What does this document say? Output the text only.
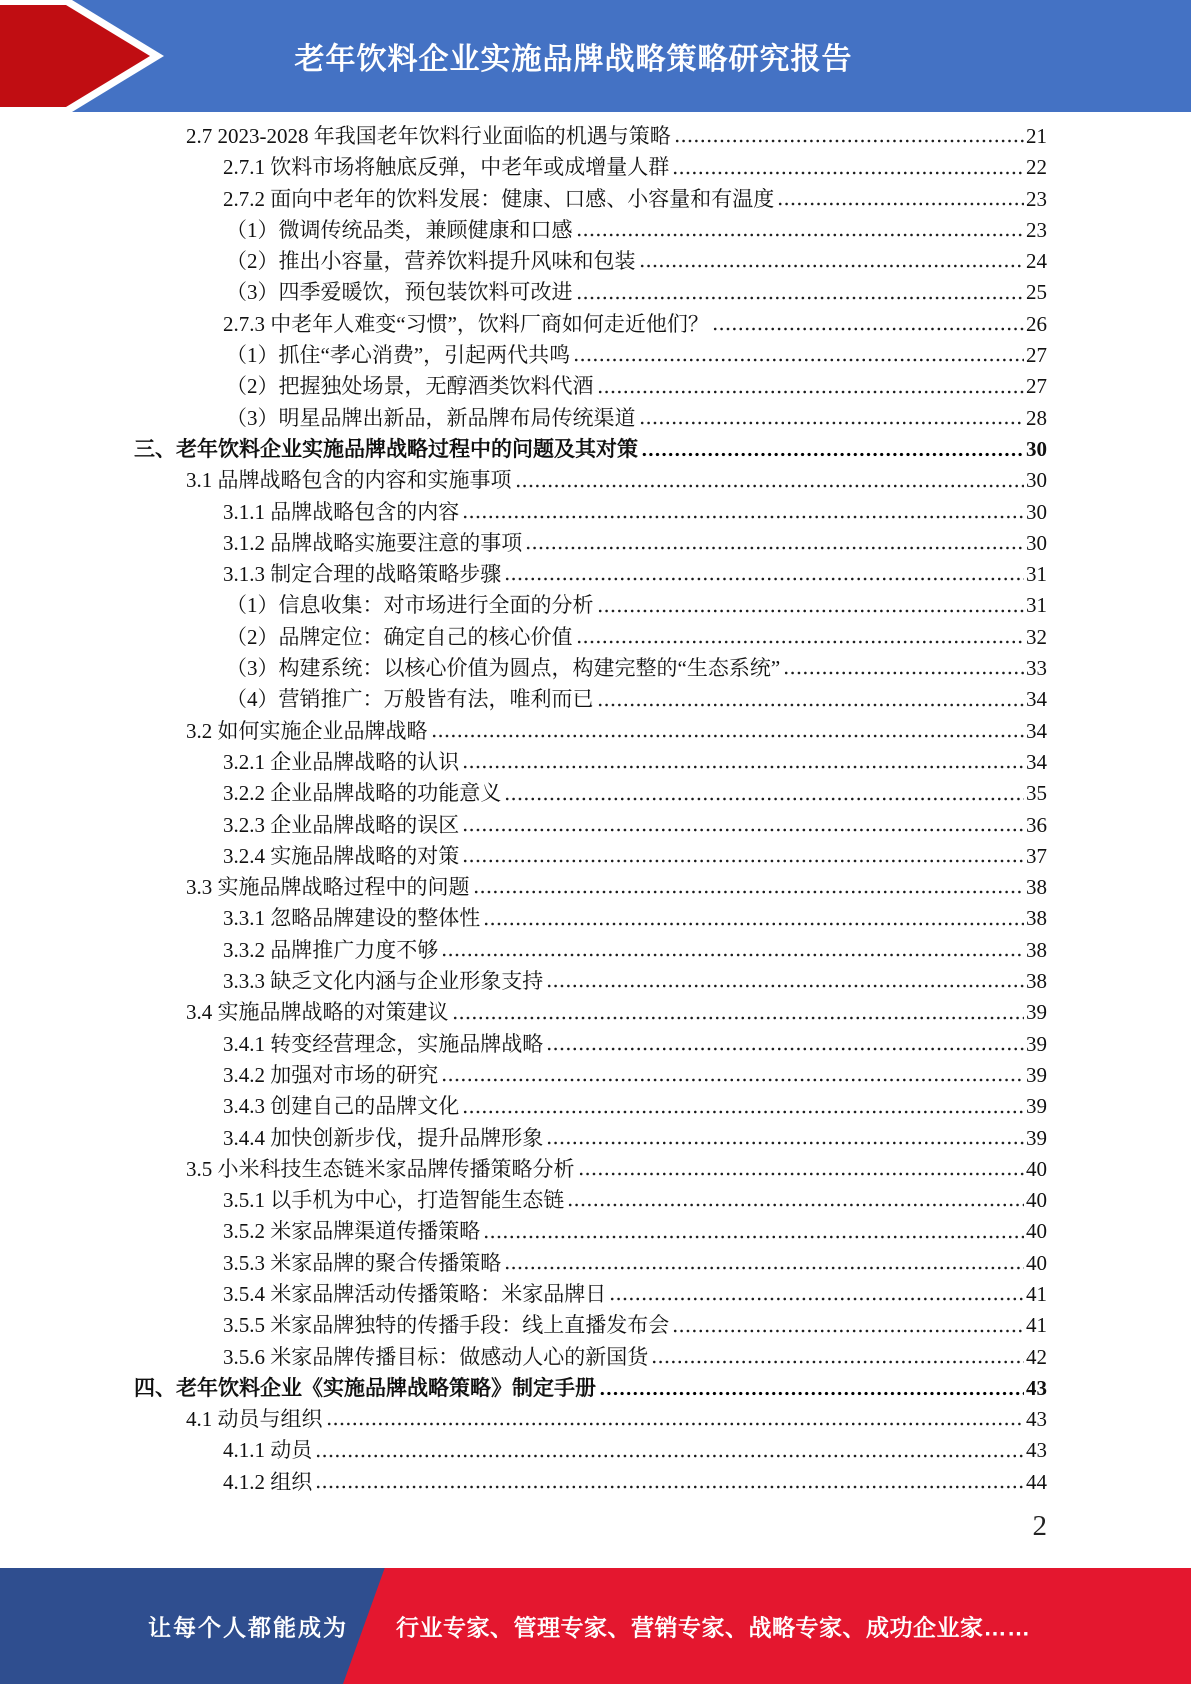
老年饮料企业实施品牌战略策略研究报告
2.7 2023-2028 年我国老年饮料行业面临的机遇与策略	21
2.7.1 饮料市场将触底反弹，中老年或成增量人群	22
2.7.2 面向中老年的饮料发展：健康、口感、小容量和有温度	23
（1）微调传统品类，兼顾健康和口感	23
（2）推出小容量，营养饮料提升风味和包装	24
（3）四季爱暖饮，预包装饮料可改进	25
2.7.3 中老年人难变“习惯”，饮料厂商如何走近他们？	26
（1）抓住“孝心消费”，引起两代共鸣	27
（2）把握独处场景，无醇酒类饮料代酒	27
（3）明星品牌出新品，新品牌布局传统渠道	28
三、老年饮料企业实施品牌战略过程中的问题及其对策	30
3.1 品牌战略包含的内容和实施事项	30
3.1.1 品牌战略包含的内容	30
3.1.2 品牌战略实施要注意的事项	30
3.1.3 制定合理的战略策略步骤	31
（1）信息收集：对市场进行全面的分析	31
（2）品牌定位：确定自己的核心价值	32
（3）构建系统：以核心价值为圆点，构建完整的“生态系统”	33
（4）营销推广：万般皆有法，唯利而已	34
3.2 如何实施企业品牌战略	34
3.2.1 企业品牌战略的认识	34
3.2.2 企业品牌战略的功能意义	35
3.2.3 企业品牌战略的误区	36
3.2.4 实施品牌战略的对策	37
3.3 实施品牌战略过程中的问题	38
3.3.1 忽略品牌建设的整体性	38
3.3.2 品牌推广力度不够	38
3.3.3 缺乏文化内涵与企业形象支持	38
3.4 实施品牌战略的对策建议	39
3.4.1 转变经营理念，实施品牌战略	39
3.4.2 加强对市场的研究	39
3.4.3 创建自己的品牌文化	39
3.4.4 加快创新步伐，提升品牌形象	39
3.5 小米科技生态链米家品牌传播策略分析	40
3.5.1 以手机为中心，打造智能生态链	40
3.5.2 米家品牌渠道传播策略	40
3.5.3 米家品牌的聚合传播策略	40
3.5.4 米家品牌活动传播策略：米家品牌日	41
3.5.5 米家品牌独特的传播手段：线上直播发布会	41
3.5.6 米家品牌传播目标：做感动人心的新国货	42
四、老年饮料企业《实施品牌战略策略》制定手册	43
4.1 动员与组织	43
4.1.1 动员	43
4.1.2 组织	44
2
让每个人都能成为 行业专家、管理专家、营销专家、战略专家、成功企业家……
